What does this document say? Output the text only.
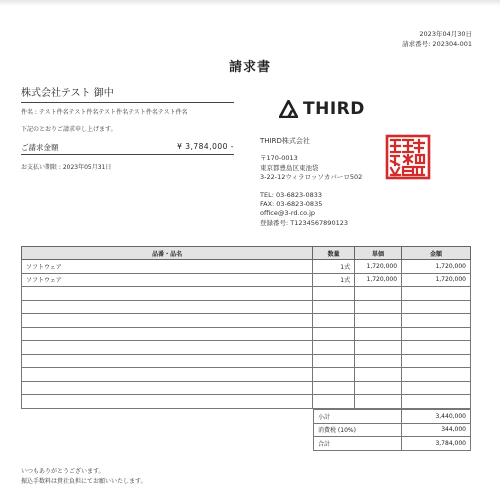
2023年04月30日
請求番号: 202304-001
請求書
株式会社テスト 御中
件名 : テスト件名テスト件名テスト件名テスト件名テスト件名
下記のとおりご請求申し上げます。
ご請求金額	¥ 3,784,000 -
お支払い期限 : 2023年05月31日
THIRD
THIRD株式会社
〒170-0013
東京都豊島区東池袋
3-22-12ウィラロッソカバーロ502
TEL: 03-6823-0833
FAX: 03-6823-0835
office@3-rd.co.jp
登録番号: T1234567890123
品番・品名	数量	単価	金額
ソフトウェア	1式	1,720,000	1,720,000
ソフトウェア	1式	1,720,000	1,720,000

小計	3,440,000
消費税 (10%)	344,000
合計	3,784,000
いつもありがとうございます。
振込手数料は貴社負担にてお願いいたします。
